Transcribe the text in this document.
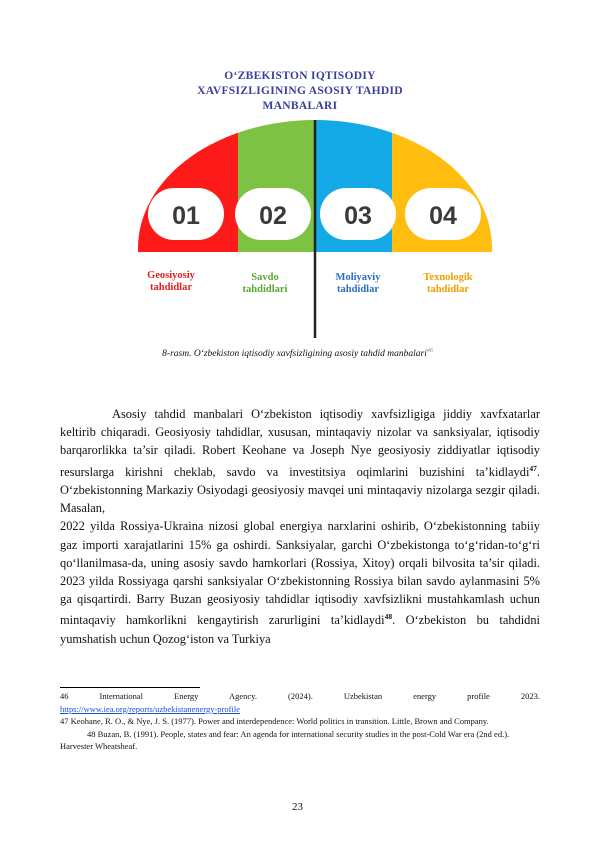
01 02 03 04
O‘ZBEKISTON IQTISODIY
XAVFSIZLIGINING ASOSIY TAHDID
MANBALARI
Geosiyosiy
tahdidlar
Savdo
tahdidlari
Moliyaviy
tahdidlar
Texnologik
tahdidlar
8-rasm. O‘zbekiston iqtisodiy xavfsizligining asosiy tahdid manbalari$^{46}$

Asosiy tahdid manbalari O‘zbekiston iqtisodiy xavfsizligiga jiddiy xavfxatarlar keltirib chiqaradi. Geosiyosiy tahdidlar, xususan, mintaqaviy nizolar va sanksiyalar, iqtisodiy barqarorlikka ta’sir qiladi. Robert Keohane va Joseph Nye geosiyosiy ziddiyatlar iqtisodiy resurslarga kirishni cheklab, savdo va investitsiya oqimlarini buzishini ta’kidlaydi$^{47}$. O‘zbekistonning Markaziy Osiyodagi geosiyosiy mavqei uni mintaqaviy nizolarga sezgir qiladi. Masalan,

2022 yilda Rossiya-Ukraina nizosi global energiya narxlarini oshirib, O‘zbekistonning tabiiy gaz importi xarajatlarini 15% ga oshirdi. Sanksiyalar, garchi O‘zbekistonga to‘g‘ridan-to‘g‘ri qo‘llanilmasa-da, uning asosiy savdo hamkorlari (Rossiya, Xitoy) orqali bilvosita ta’sir qiladi. 2023 yilda Rossiyaga qarshi sanksiyalar O‘zbekistonning Rossiya bilan savdo aylanmasini 5% ga qisqartirdi. Barry Buzan geosiyosiy tahdidlar iqtisodiy xavfsizlikni mustahkamlash uchun mintaqaviy hamkorlikni kengaytirish zarurligini ta’kidlaydi$^{48}$. O‘zbekiston bu tahdidni yumshatish uchun Qozog‘iston va Turkiya

46 International Energy Agency. (2024). Uzbekistan energy profile 2023.

https://www.iea.org/reports/uzbekistanenergy-profile

47 Keohane, R. O., & Nye, J. S. (1977). Power and interdependence: World politics in transition. Little, Brown and Company.

48 Buzan, B. (1991). People, states and fear: An agenda for international security studies in the post-Cold War era (2nd ed.). Harvester Wheatsheaf.

23
